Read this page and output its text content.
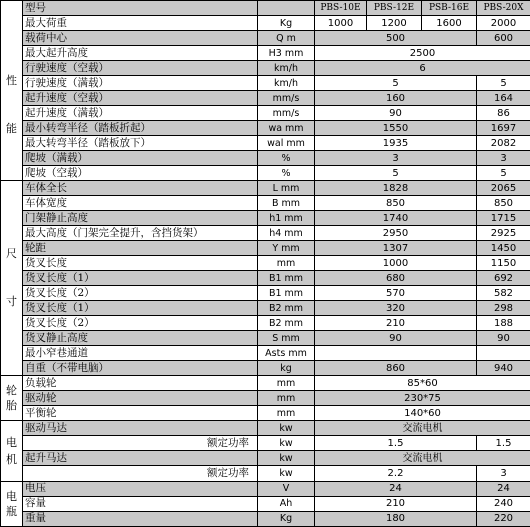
	型号		PBS-10E	PBS-12E	PSB-16E	PBS-20X
	最大荷重	Kg	1000	1200	1600	2000
性

能	载荷中心	Q m	500			600
	最大起升高度	H3 mm	2500			
	行驶速度（空载）	km/h	6			
	行驶速度（满载）	km/h	5			5
	起升速度（空载）	mm/s	160			164
	起升速度（满载）	mm/s	90			86
	最小转弯半径（踏板折起）	wa mm	1550			1697
	最大转弯半径（踏板放下）	wal mm	1935			2082
	爬坡（满载）	%	3			3
	爬坡（空载）	%	5			5
尺

寸	车体全长	L mm	1828			2065
	车体宽度	B mm	850			850
	门架静止高度	h1 mm	1740			1715
	最大高度（门架完全提升，含挡货架）	h4 mm	2950			2925
	轮距	Y mm	1307			1450
	货叉长度	mm	1000			1150
	货叉长度（1）	B1 mm	680			692
	货叉长度（2）	B1 mm	570			582
	货叉长度（1）	B2 mm	320			298
	货叉长度（2）	B2 mm	210			188
	货叉静止高度	S mm	90			90
	最小窄巷通道	Asts mm				
	自重（不带电脑）	kg	860			940
轮
胎	负载轮	mm	85*60			
	驱动轮	mm	230*75			
	平衡轮	mm	140*60			
电
机	驱动马达	kw	交流电机			
	额定功率	kw	1.5			1.5
	起升马达	kw	交流电机			
	额定功率	kw	2.2			3
电
瓶	电压	V	24			24
	容量	Ah	210			240
	重量	Kg	180			220
